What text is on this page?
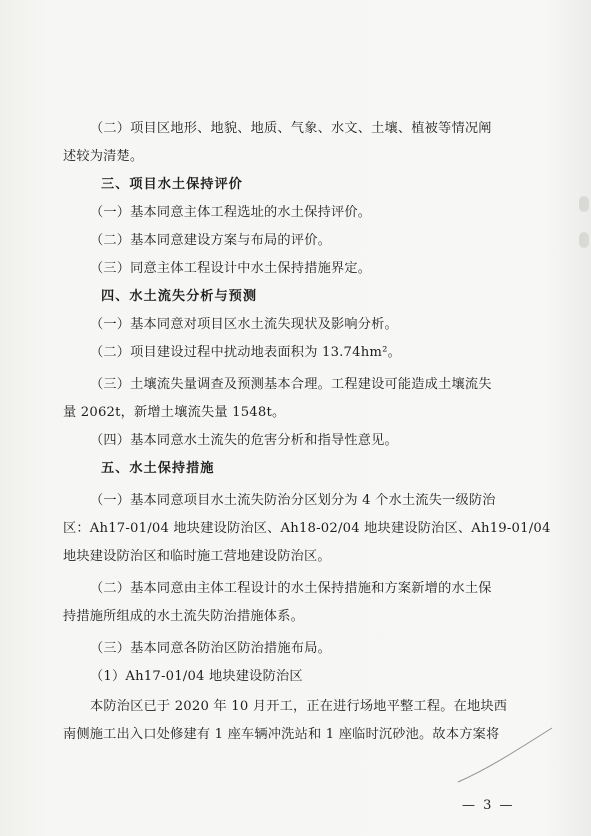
（二）项目区地形、地貌、地质、气象、水文、土壤、植被等情况阐
述较为清楚。
三、项目水土保持评价
（一）基本同意主体工程选址的水土保持评价。
（二）基本同意建设方案与布局的评价。
（三）同意主体工程设计中水土保持措施界定。
四、水土流失分析与预测
（一）基本同意对项目区水土流失现状及影响分析。
（二）项目建设过程中扰动地表面积为 13.74hm²。
（三）土壤流失量调查及预测基本合理。工程建设可能造成土壤流失
量 2062t，新增土壤流失量 1548t。
（四）基本同意水土流失的危害分析和指导性意见。
五、水土保持措施
（一）基本同意项目水土流失防治分区划分为 4 个水土流失一级防治
区：Ah17-01/04 地块建设防治区、Ah18-02/04 地块建设防治区、Ah19-01/04
地块建设防治区和临时施工营地建设防治区。
（二）基本同意由主体工程设计的水土保持措施和方案新增的水土保
持措施所组成的水土流失防治措施体系。
（三）基本同意各防治区防治措施布局。
（1）Ah17-01/04 地块建设防治区
本防治区已于 2020 年 10 月开工，正在进行场地平整工程。在地块西
南侧施工出入口处修建有 1 座车辆冲洗站和 1 座临时沉砂池。故本方案将
— 3 —
